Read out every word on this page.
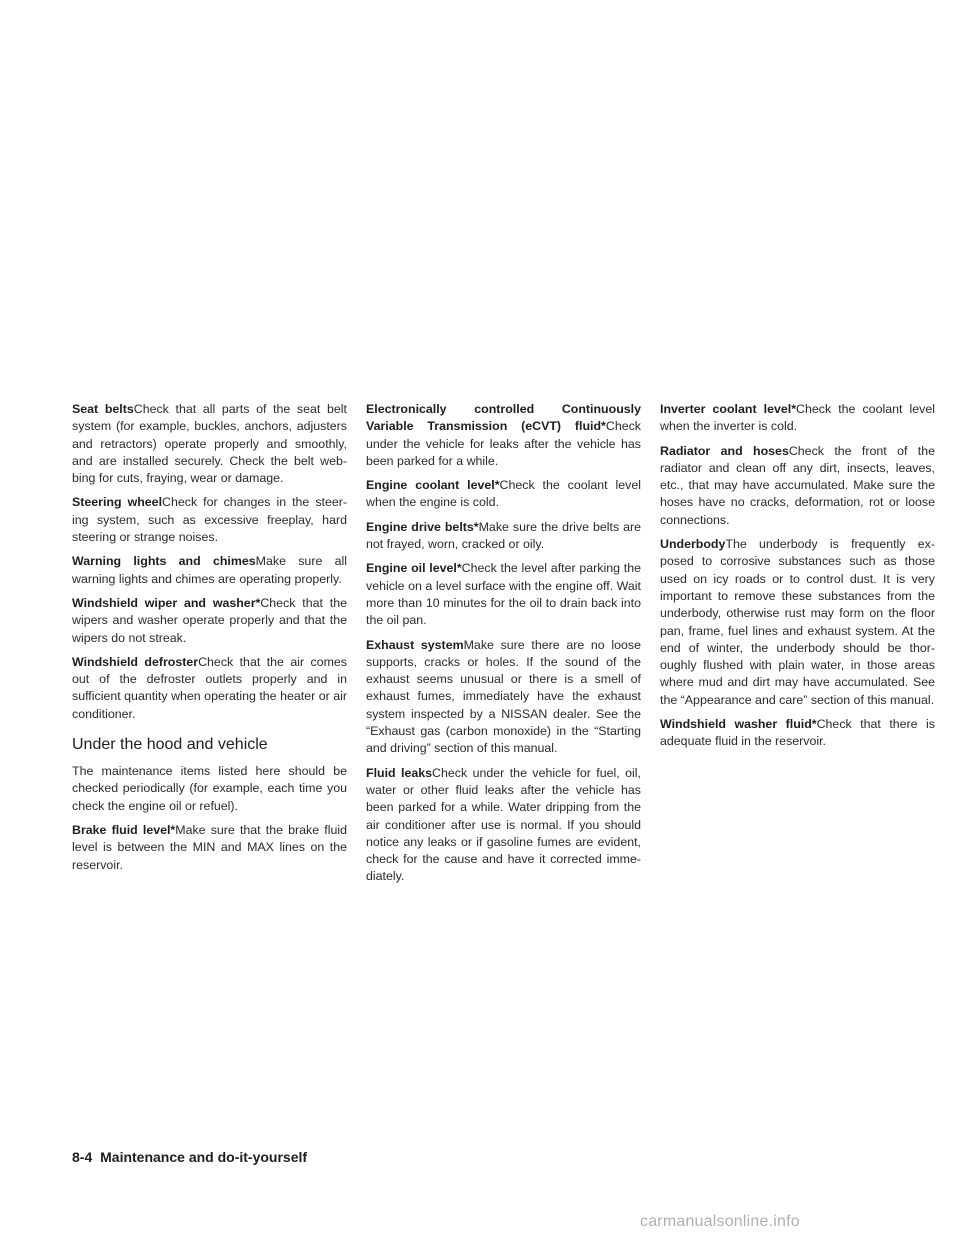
Seat beltsCheck that all parts of the seat belt system (for example, buckles, anchors, adjusters and retractors) operate properly and smoothly, and are installed securely. Check the belt web- bing for cuts, fraying, wear or damage.

Steering wheelCheck for changes in the steer- ing system, such as excessive freeplay, hard steering or strange noises.

Warning lights and chimesMake sure all warning lights and chimes are operating properly.

Windshield wiper and washer*Check that the wipers and washer operate properly and that the wipers do not streak.

Windshield defrosterCheck that the air comes out of the defroster outlets properly and in sufficient quantity when operating the heater or air conditioner.

Under the hood and vehicle

The maintenance items listed here should be checked periodically (for example, each time you check the engine oil or refuel).

Brake fluid level*Make sure that the brake fluid level is between the MIN and MAX lines on the reservoir.

Electronically controlled Continuously Variable Transmission (eCVT) fluid*Check under the vehicle for leaks after the vehicle has been parked for a while.

Engine coolant level*Check the coolant level when the engine is cold.

Engine drive belts*Make sure the drive belts are not frayed, worn, cracked or oily.

Engine oil level*Check the level after parking the vehicle on a level surface with the engine off. Wait more than 10 minutes for the oil to drain back into the oil pan.

Exhaust systemMake sure there are no loose supports, cracks or holes. If the sound of the exhaust seems unusual or there is a smell of exhaust fumes, immediately have the exhaust system inspected by a NISSAN dealer. See the “Exhaust gas (carbon monoxide) in the “Starting and driving” section of this manual.

Fluid leaksCheck under the vehicle for fuel, oil, water or other fluid leaks after the vehicle has been parked for a while. Water dripping from the air conditioner after use is normal. If you should notice any leaks or if gasoline fumes are evident, check for the cause and have it corrected imme- diately.

Inverter coolant level*Check the coolant level when the inverter is cold.

Radiator and hosesCheck the front of the radiator and clean off any dirt, insects, leaves, etc., that may have accumulated. Make sure the hoses have no cracks, deformation, rot or loose connections.

UnderbodyThe underbody is frequently ex- posed to corrosive substances such as those used on icy roads or to control dust. It is very important to remove these substances from the underbody, otherwise rust may form on the floor pan, frame, fuel lines and exhaust system. At the end of winter, the underbody should be thor- oughly flushed with plain water, in those areas where mud and dirt may have accumulated. See the “Appearance and care” section of this manual.

Windshield washer fluid*Check that there is adequate fluid in the reservoir.

8-4 Maintenance and do-it-yourself
carmanualsonline.info
